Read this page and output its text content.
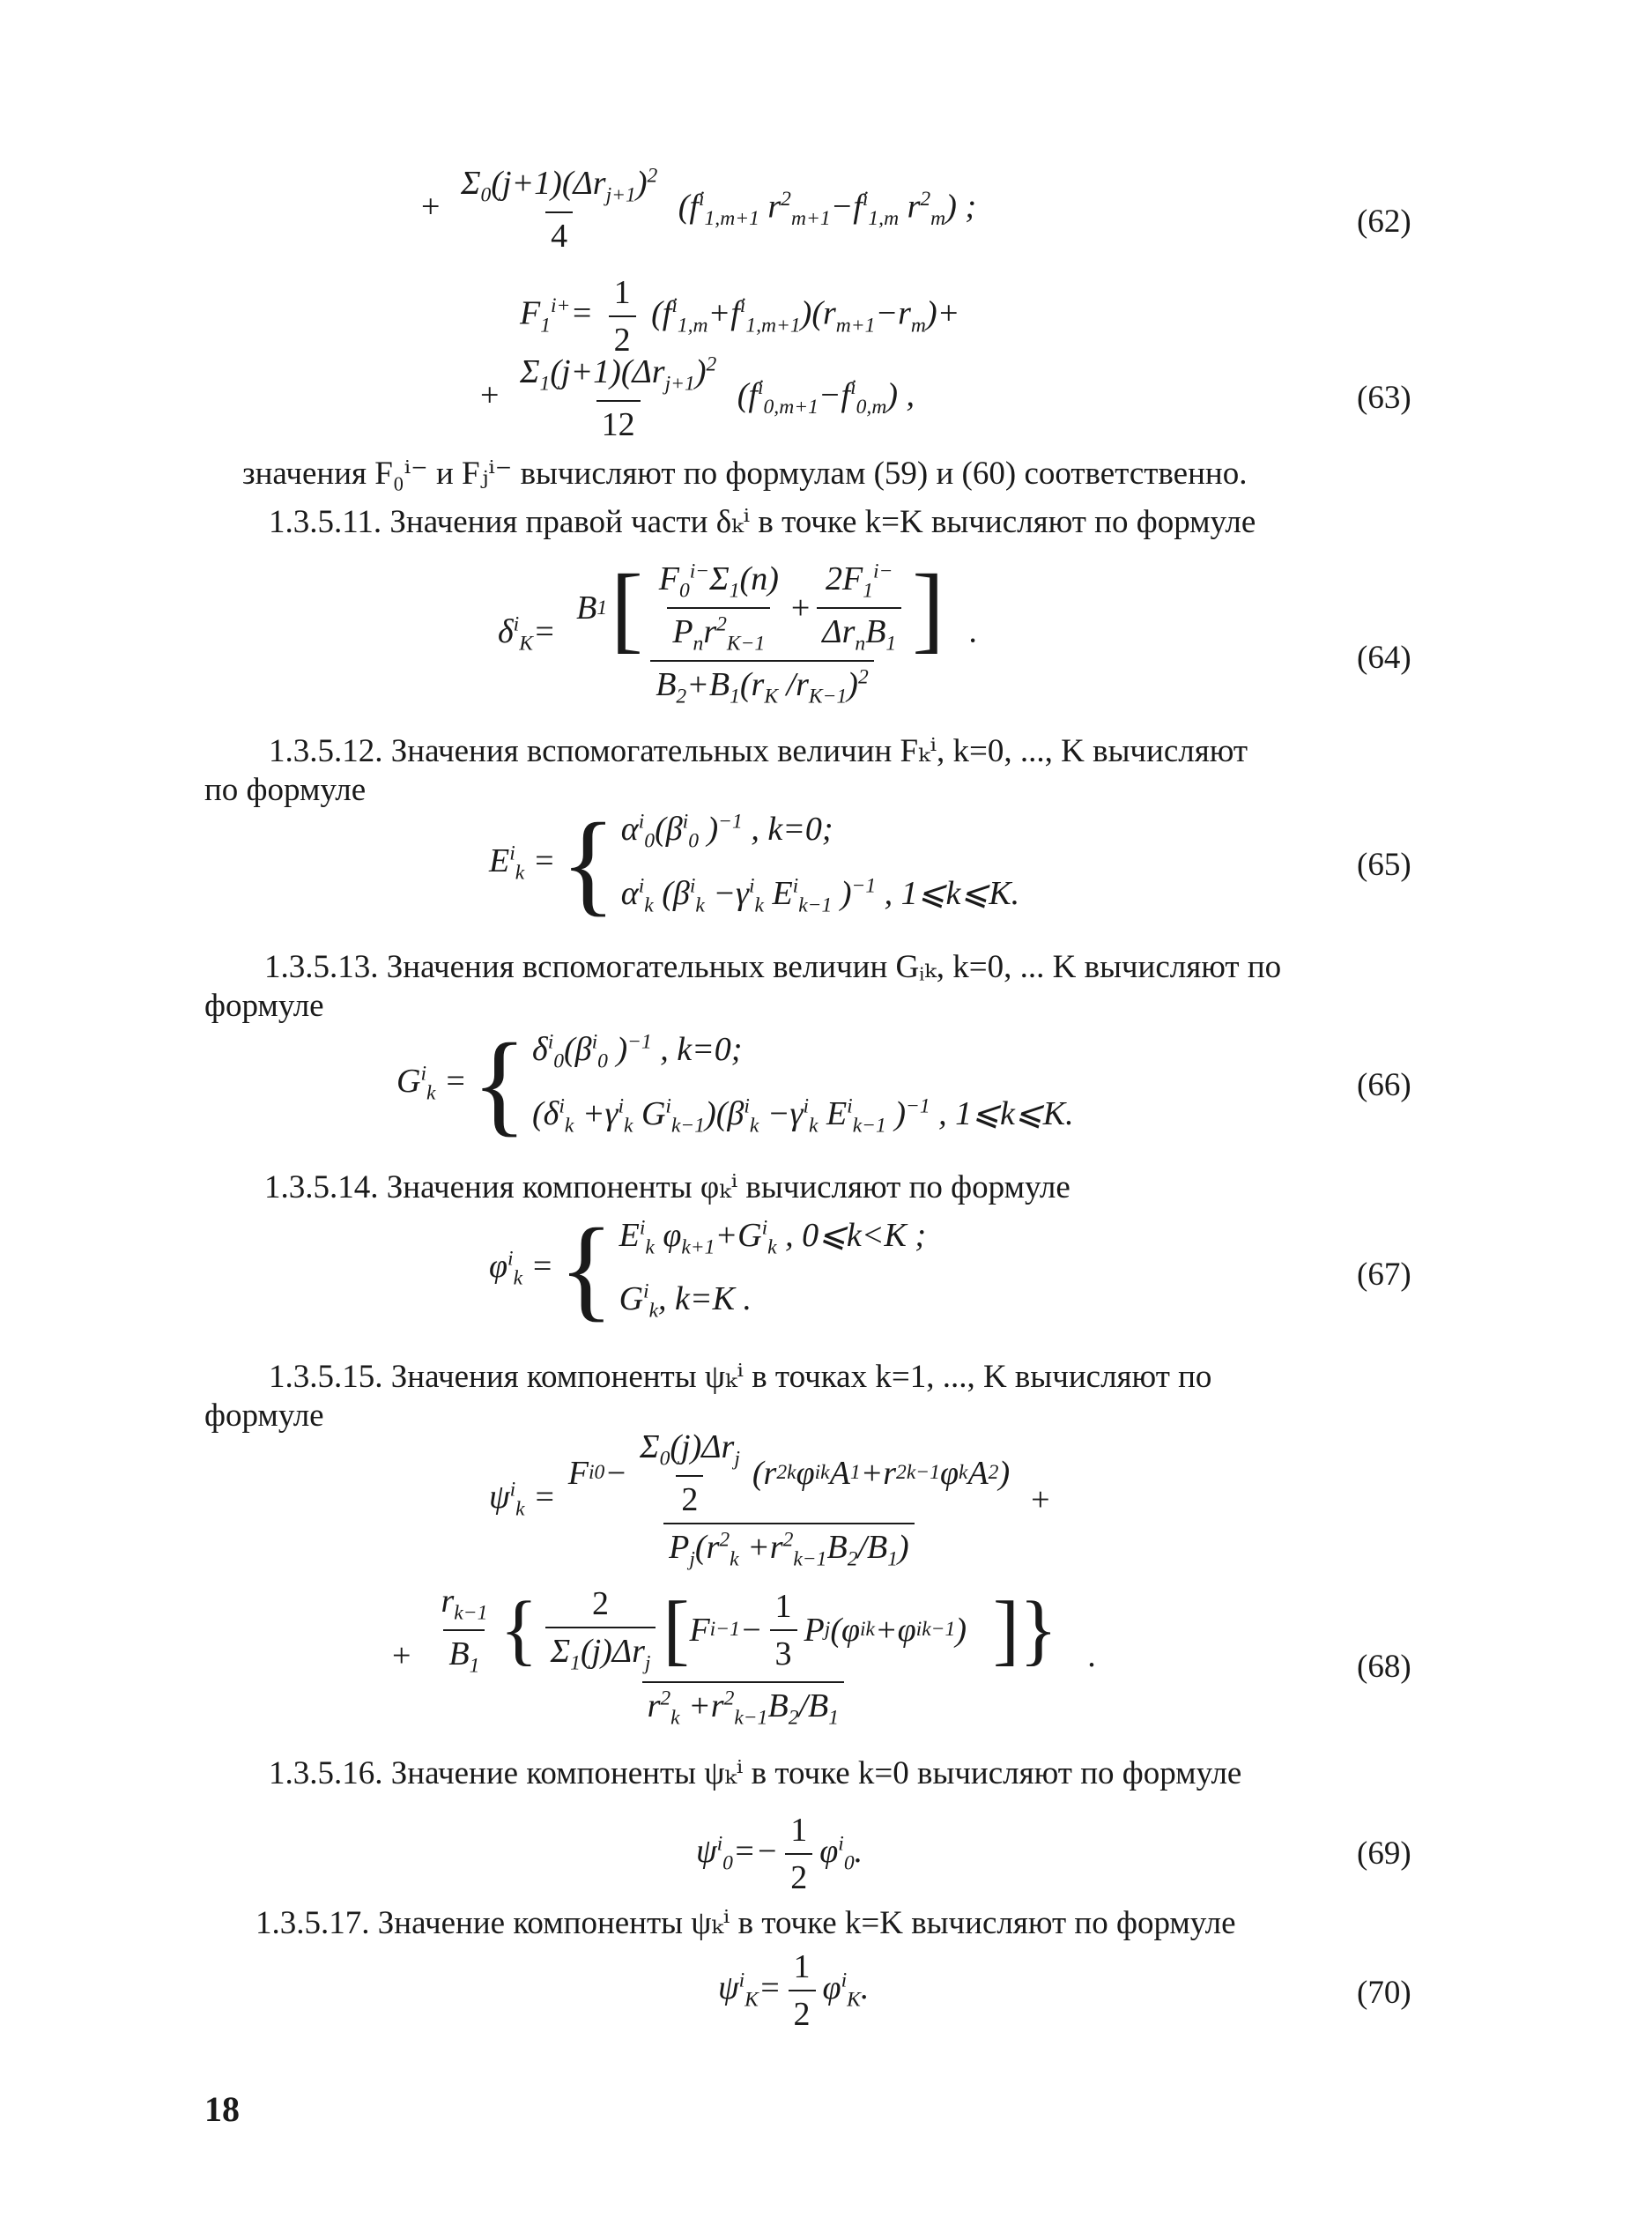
+ $\frac{\Sigma_0(j+1)(\Delta r_{j+1})^2}{4} (f^i_{1,m+1}$ $r^2_{m+1}-f^i_{1,m}$ $r^2_m$) ;	(62)
$F_1^{i+}= \frac{1}{2} (f^i_{1,m}+f^i_{1,m+1})(r_{m+1}-r_m)+$
+ $\frac{\Sigma_1(j+1)(\Delta r_{j+1})^2}{12} (f^i_{0,m+1}-f^i_{0,m})$ ,	(63)
значения F₀ⁱ⁻ и Fⱼⁱ⁻ вычисляют по формулам (59) и (60) соответственно.
1.3.5.11. Значения правой части δₖⁱ в точке k=K вычисляют по формуле
$\delta^i_K=$
B 1 [ $\frac{F_0^{i-}\Sigma_1(n)}{P_nr^2_{K-1}} + \frac{2F_1^{i-}}{\Delta r_nB_1}$ ]
$B_2+B_1(r_K$ $/r_{K-1})^2$
.
(64)
1.3.5.12. Значения вспомогательных величин Fₖⁱ, k=0, ..., K вычисляют
по формуле
$E^i_k$ = { $\alpha^i_0(\beta^i_0$ )$^{-1}$ , k=0;
$\alpha^i_k$ ($\beta^i_k -\gamma^i_k$ $E^i_{k-1}$ )$^{-1}$ , 1⩽k⩽K.
(65)
1.3.5.13. Значения вспомогательных величин Gᵢₖ, k=0, ... K вычисляют по
формуле
$G^i_k$ = { $\delta^i_0(\beta^i_0$ )$^{-1}$ , k=0;
($\delta^i_k +\gamma^i_k$ $G^i_{k-1})(\beta^i_k -\gamma^i_k$ $E^i_{k-1}$ )$^{-1}$ , 1⩽k⩽K.
(66)
1.3.5.14. Значения компоненты φₖⁱ вычисляют по формуле
$\varphi^i_k$ = { $E^i_k$ $\varphi_{k+1}+G^i_k$ , 0⩽k<K ;
$G^i_k$, k=K .
(67)
1.3.5.15. Значения компоненты ψₖⁱ в точках k=1, ..., K вычисляют по
формуле
$\psi^i_k = \frac{F i 0 - \frac{\Sigma_0(j)\Delta r_j}{2} ( r 2 k \varphi i k A 1 + r 2 k-1 \varphi k A 2 )}{P_j(r^2_k +r^2_{k-1}B_2/B_1)}$ +
+ $\frac{r_{k-1}}{B_1}$ { $\frac{2}{\Sigma_1(j)\Delta r_j}$ [ F $i- 1 - \frac{1}{3}$ P j (φ i k +φ i k−1 ) ] }
$r^2_k +r^2_{k-1}B_2/B_1$
.	(68)
1.3.5.16. Значение компоненты ψₖⁱ в точке k=0 вычисляют по формуле
$\psi^i_0=- \frac{1}{2} \varphi^i_0$.	(69)
1.3.5.17. Значение компоненты ψₖⁱ в точке k=K вычисляют по формуле
$\psi^i_K= \frac{1}{2} \varphi^i_K$.	(70)
18
